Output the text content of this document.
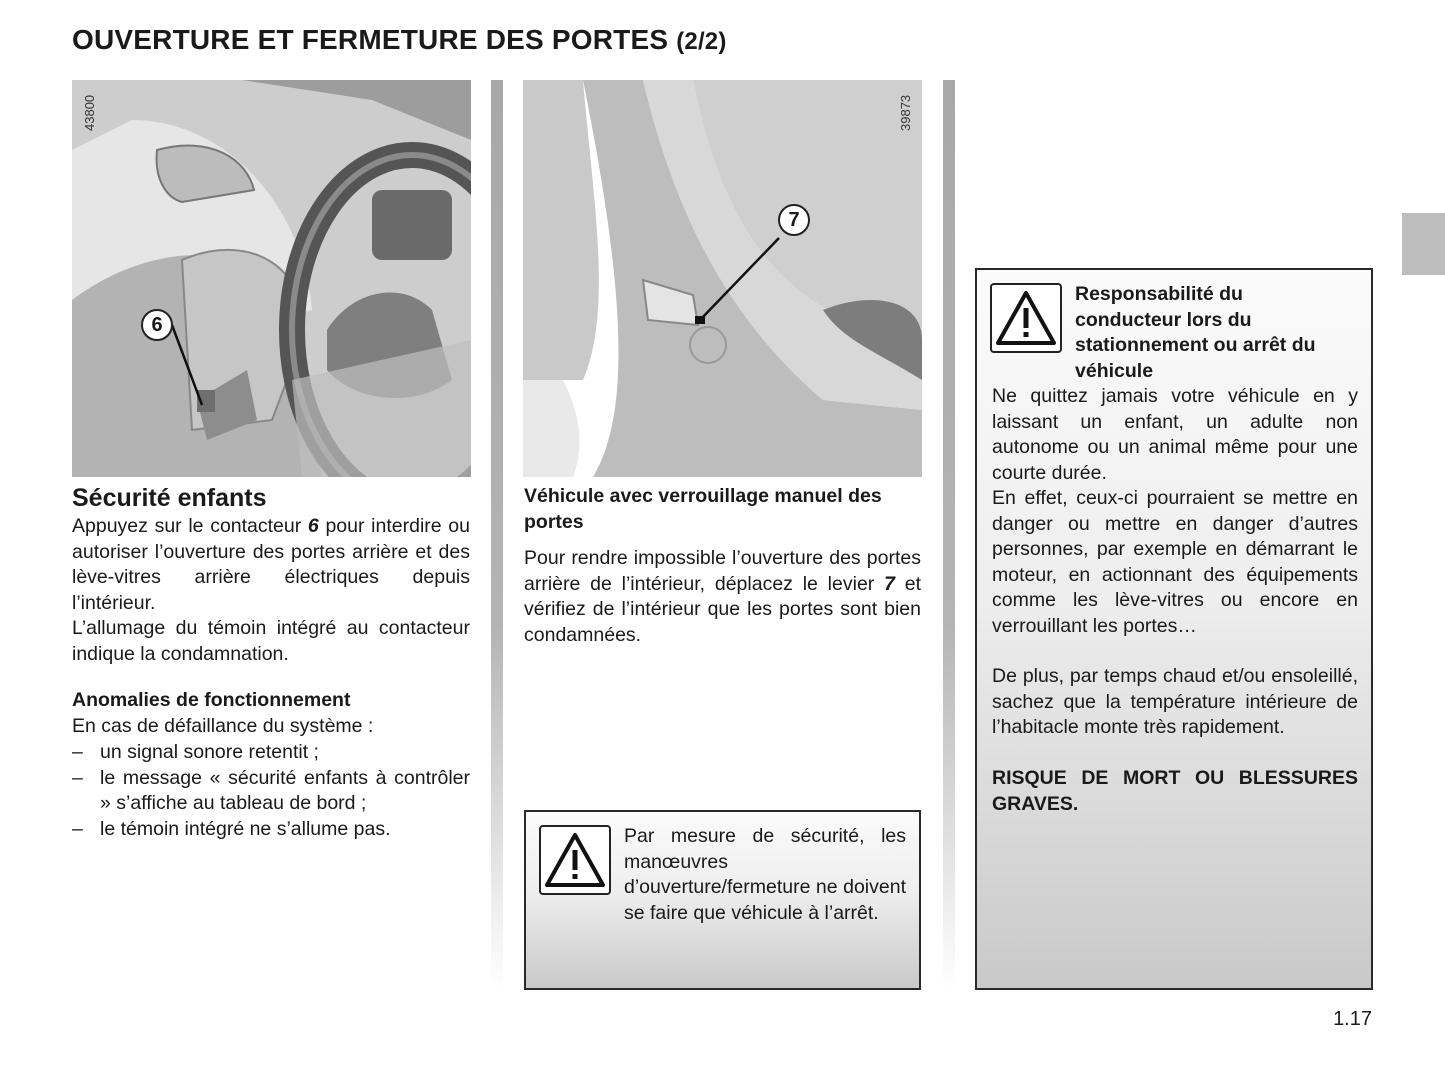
OUVERTURE ET FERMETURE DES PORTES (2/2)
43800
6
39873
7
Sécurité enfants
Appuyez sur le contacteur 6 pour interdire ou autoriser l’ouverture des portes arrière et des lève-vitres arrière électriques depuis l’intérieur.
L’allumage du témoin intégré au contacteur indique la condamnation.
Anomalies de fonctionnement
En cas de défaillance du système :
– un signal sonore retentit ;
– le message « sécurité enfants à contrôler » s’affiche au tableau de bord ;
– le témoin intégré ne s’allume pas.
Véhicule avec verrouillage manuel des portes
Pour rendre impossible l’ouverture des portes arrière de l’intérieur, déplacez le levier 7 et vérifiez de l’intérieur que les portes sont bien condamnées.
Par mesure de sécurité, les manœuvres d’ouverture/fermeture ne doivent se faire que véhicule à l’arrêt.
Responsabilité du conducteur lors du stationnement ou arrêt du véhicule
Ne quittez jamais votre véhicule en y laissant un enfant, un adulte non autonome ou un animal même pour une courte durée.
En effet, ceux-ci pourraient se mettre en danger ou mettre en danger d’autres personnes, par exemple en démarrant le moteur, en actionnant des équipements comme les lève-vitres ou encore en verrouillant les portes…
De plus, par temps chaud et/ou ensoleillé, sachez que la température intérieure de l’habitacle monte très rapidement.
RISQUE DE MORT OU BLESSURES GRAVES.
1.17
